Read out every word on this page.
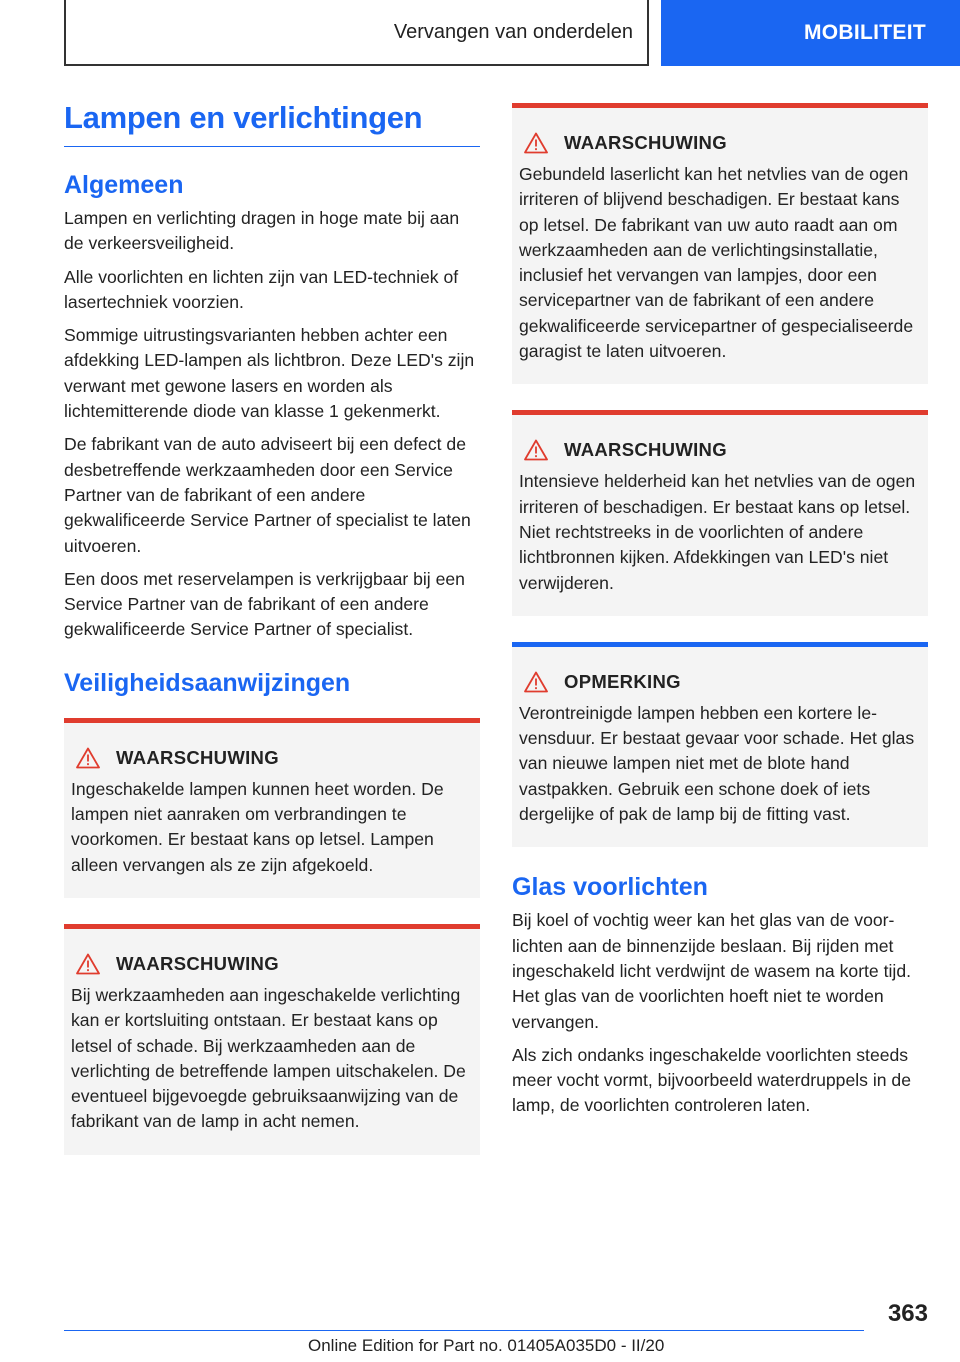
Vervangen van onderdelen	MOBILITEIT
Lampen en verlichtingen
Algemeen

Lampen en verlichting dragen in hoge mate bij aan de verkeersveiligheid.

Alle voorlichten en lichten zijn van LED-techniek of lasertechniek voorzien.

Sommige uitrustingsvarianten hebben achter een afdekking LED-lampen als lichtbron. Deze LED's zijn verwant met gewone lasers en worden als lichtemitterende diode van klasse 1 gekenmerkt.

De fabrikant van de auto adviseert bij een defect de desbetreffende werkzaamheden door een Service Partner van de fabrikant of een andere gekwalificeerde Service Partner of specialist te laten uitvoeren.

Een doos met reservelampen is verkrijgbaar bij een Service Partner van de fabrikant of een andere gekwalificeerde Service Partner of specialist.

Veiligheidsaanwijzingen
WAARSCHUWING
Ingeschakelde lampen kunnen heet worden. De lampen niet aanraken om verbrandingen te voorkomen. Er bestaat kans op letsel. Lampen alleen vervangen als ze zijn afgekoeld.
WAARSCHUWING
Bij werkzaamheden aan ingeschakelde verlichting kan er kortsluiting ontstaan. Er bestaat kans op letsel of schade. Bij werkzaamheden aan de verlichting de betreffende lampen uitschakelen. De eventueel bijgevoegde gebruiksaanwijzing van de fabrikant van de lamp in acht nemen.
WAARSCHUWING
Gebundeld laserlicht kan het netvlies van de ogen irriteren of blijvend beschadigen. Er bestaat kans op letsel. De fabrikant van uw auto raadt aan om werkzaamheden aan de verlichtingsinstallatie, inclusief het vervangen van lampjes, door een servicepartner van de fabrikant of een andere gekwalificeerde servicepartner of gespecialiseerde garagist te laten uitvoeren.
WAARSCHUWING
Intensieve helderheid kan het netvlies van de ogen irriteren of beschadigen. Er bestaat kans op letsel. Niet rechtstreeks in de voorlichten of andere lichtbronnen kijken. Afdekkingen van LED's niet verwijderen.
OPMERKING
Verontreinigde lampen hebben een kortere levensduur. Er bestaat gevaar voor schade. Het glas van nieuwe lampen niet met de blote hand vastpakken. Gebruik een schone doek of iets dergelijke of pak de lamp bij de fitting vast.
Glas voorlichten

Bij koel of vochtig weer kan het glas van de voorlichten aan de binnenzijde beslaan. Bij rijden met ingeschakeld licht verdwijnt de wasem na korte tijd. Het glas van de voorlichten hoeft niet te worden vervangen.

Als zich ondanks ingeschakelde voorlichten steeds meer vocht vormt, bijvoorbeeld waterdruppels in de lamp, de voorlichten controleren laten.

363
Online Edition for Part no. 01405A035D0 - II/20
